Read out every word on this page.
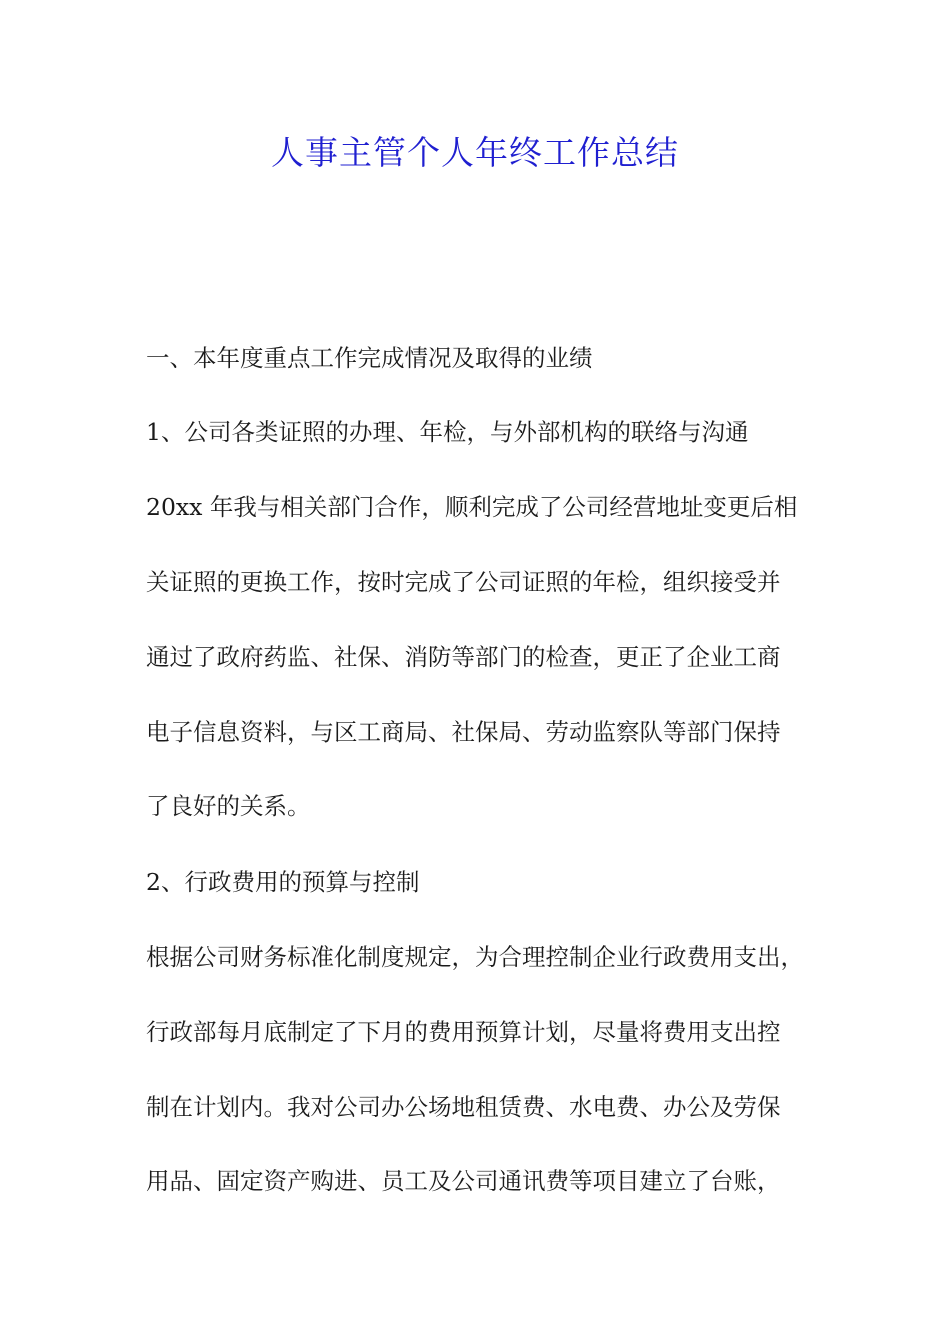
人事主管个人年终工作总结

一、本年度重点工作完成情况及取得的业绩

1、公司各类证照的办理、年检，与外部机构的联络与沟通

20xx 年我与相关部门合作，顺利完成了公司经营地址变更后相

关证照的更换工作，按时完成了公司证照的年检，组织接受并

通过了政府药监、社保、消防等部门的检查，更正了企业工商

电子信息资料，与区工商局、社保局、劳动监察队等部门保持

了良好的关系。

2、行政费用的预算与控制

根据公司财务标准化制度规定，为合理控制企业行政费用支出，

行政部每月底制定了下月的费用预算计划，尽量将费用支出控

制在计划内。我对公司办公场地租赁费、水电费、办公及劳保

用品、固定资产购进、员工及公司通讯费等项目建立了台账，
